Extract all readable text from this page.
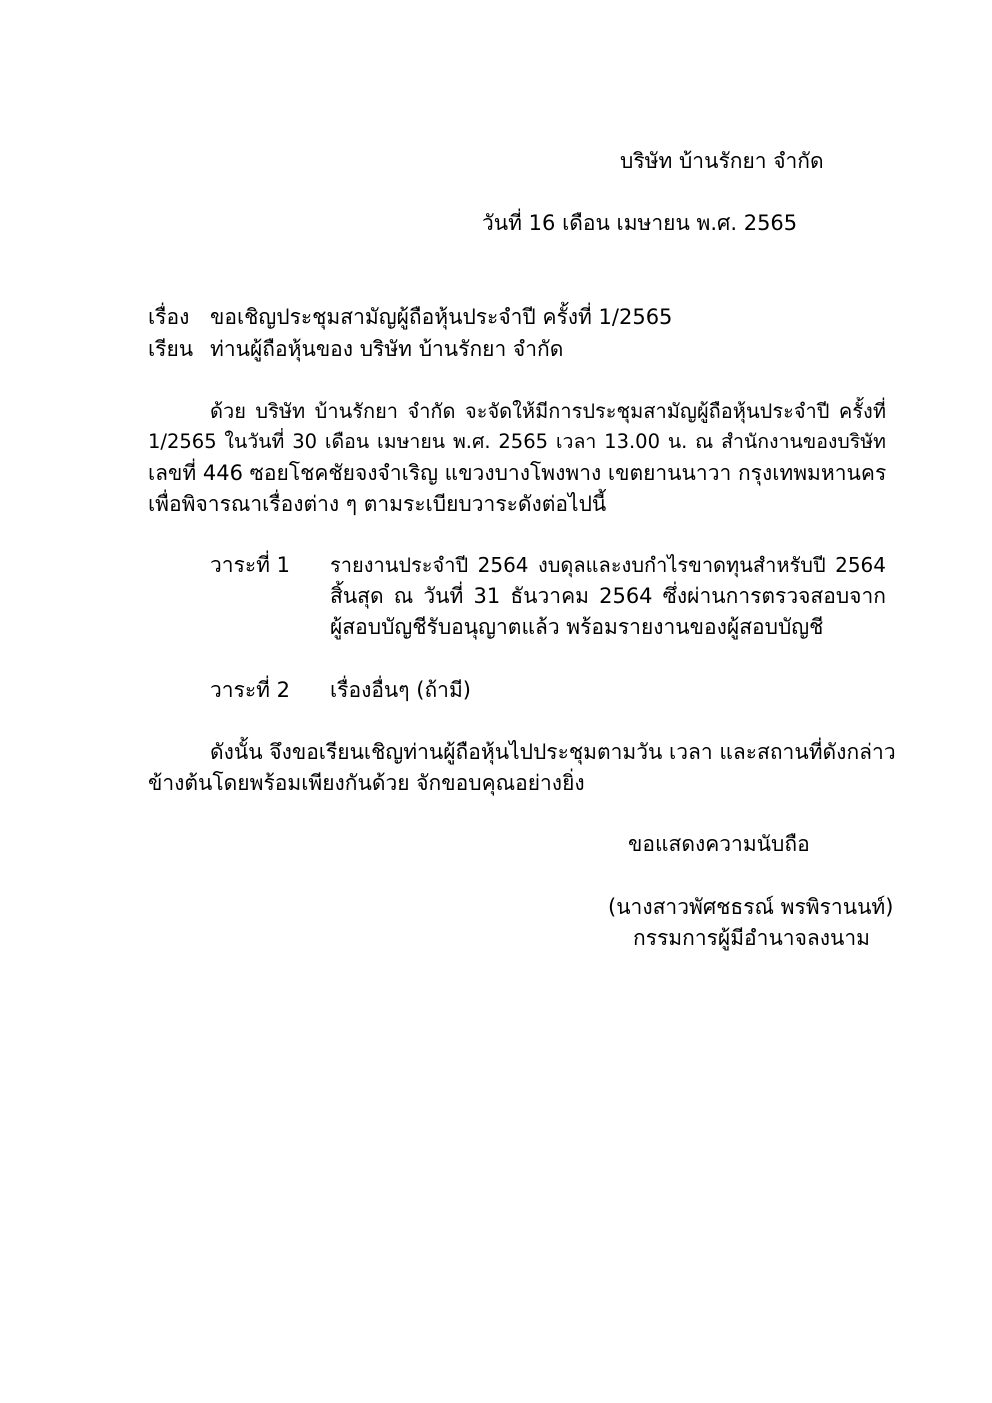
บริษัท บ้านรักยา จำกัด
วันที่ 16 เดือน เมษายน พ.ศ. 2565
เรื่อง ขอเชิญประชุมสามัญผู้ถือหุ้นประจำปี ครั้งที่ 1/2565
เรียน ท่านผู้ถือหุ้นของ บริษัท บ้านรักยา จำกัด
ด้วย บริษัท บ้านรักยา จำกัด จะจัดให้มีการประชุมสามัญผู้ถือหุ้นประจำปี ครั้งที่
1/2565 ในวันที่ 30 เดือน เมษายน พ.ศ. 2565 เวลา 13.00 น. ณ สำนักงานของบริษัท
เลขที่ 446 ซอยโชคชัยจงจำเริญ แขวงบางโพงพาง เขตยานนาวา กรุงเทพมหานคร
เพื่อพิจารณาเรื่องต่าง ๆ ตามระเบียบวาระดังต่อไปนี้
วาระที่ 1 รายงานประจำปี 2564 งบดุลและงบกำไรขาดทุนสำหรับปี 2564
สิ้นสุด ณ วันที่ 31 ธันวาคม 2564 ซึ่งผ่านการตรวจสอบจาก
ผู้สอบบัญชีรับอนุญาตแล้ว พร้อมรายงานของผู้สอบบัญชี
วาระที่ 2 เรื่องอื่นๆ (ถ้ามี)
ดังนั้น จึงขอเรียนเชิญท่านผู้ถือหุ้นไปประชุมตามวัน เวลา และสถานที่ดังกล่าว
ข้างต้นโดยพร้อมเพียงกันด้วย จักขอบคุณอย่างยิ่ง
ขอแสดงความนับถือ
(นางสาวพัศชธรณ์ พรพิรานนท์)
กรรมการผู้มีอำนาจลงนาม
